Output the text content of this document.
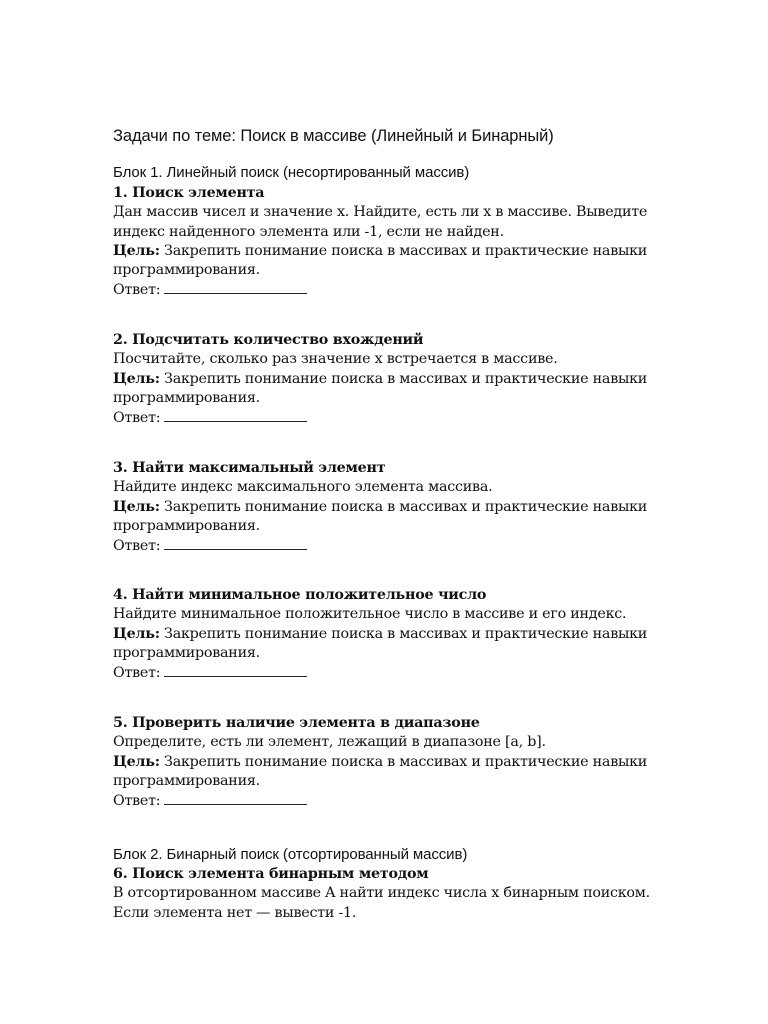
Задачи по теме: Поиск в массиве (Линейный и Бинарный)
Блок 1. Линейный поиск (несортированный массив)
1. Поиск элемента
Дан массив чисел и значение x. Найдите, есть ли x в массиве. Выведите индекс найденного элемента или -1, если не найден.
Цель: Закрепить понимание поиска в массивах и практические навыки программирования.
Ответ:
2. Подсчитать количество вхождений
Посчитайте, сколько раз значение x встречается в массиве.
Цель: Закрепить понимание поиска в массивах и практические навыки программирования.
Ответ:
3. Найти максимальный элемент
Найдите индекс максимального элемента массива.
Цель: Закрепить понимание поиска в массивах и практические навыки программирования.
Ответ:
4. Найти минимальное положительное число
Найдите минимальное положительное число в массиве и его индекс.
Цель: Закрепить понимание поиска в массивах и практические навыки программирования.
Ответ:
5. Проверить наличие элемента в диапазоне
Определите, есть ли элемент, лежащий в диапазоне [a, b].
Цель: Закрепить понимание поиска в массивах и практические навыки программирования.
Ответ:
Блок 2. Бинарный поиск (отсортированный массив)
6. Поиск элемента бинарным методом
В отсортированном массиве A найти индекс числа x бинарным поиском. Если элемента нет — вывести -1.
